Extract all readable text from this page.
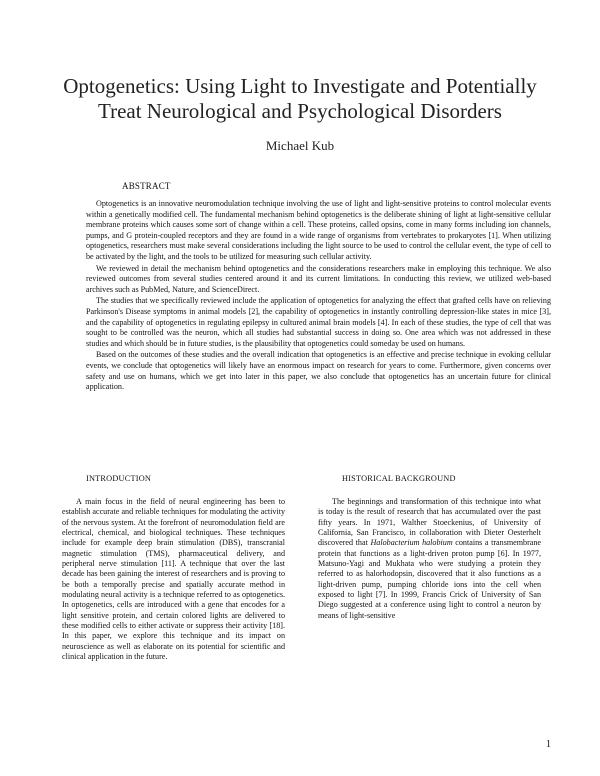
Optogenetics: Using Light to Investigate and Potentially Treat Neurological and Psychological Disorders
Michael Kub
ABSTRACT

Optogenetics is an innovative neuromodulation technique involving the use of light and light-sensitive proteins to control molecular events within a genetically modified cell. The fundamental mechanism behind optogenetics is the deliberate shining of light at light-sensitive cellular membrane proteins which causes some sort of change within a cell. These proteins, called opsins, come in many forms including ion channels, pumps, and G protein-coupled receptors and they are found in a wide range of organisms from vertebrates to prokaryotes [1]. When utilizing optogenetics, researchers must make several considerations including the light source to be used to control the cellular event, the type of cell to be activated by the light, and the tools to be utilized for measuring such cellular activity.

We reviewed in detail the mechanism behind optogenetics and the considerations researchers make in employing this technique. We also reviewed outcomes from several studies centered around it and its current limitations. In conducting this review, we utilized web-based archives such as PubMed, Nature, and ScienceDirect.

The studies that we specifically reviewed include the application of optogenetics for analyzing the effect that grafted cells have on relieving Parkinson's Disease symptoms in animal models [2], the capability of optogenetics in instantly controlling depression-like states in mice [3], and the capability of optogenetics in regulating epilepsy in cultured animal brain models [4]. In each of these studies, the type of cell that was sought to be controlled was the neuron, which all studies had substantial success in doing so. One area which was not addressed in these studies and which should be in future studies, is the plausibility that optogenetics could someday be used on humans.

Based on the outcomes of these studies and the overall indication that optogenetics is an effective and precise technique in evoking cellular events, we conclude that optogenetics will likely have an enormous impact on research for years to come. Furthermore, given concerns over safety and use on humans, which we get into later in this paper, we also conclude that optogenetics has an uncertain future for clinical application.

INTRODUCTION

A main focus in the field of neural engineering has been to establish accurate and reliable techniques for modulating the activity of the nervous system. At the forefront of neuromodulation field are electrical, chemical, and biological techniques. These techniques include for example deep brain stimulation (DBS), transcranial magnetic stimulation (TMS), pharmaceutical delivery, and peripheral nerve stimulation [11]. A technique that over the last decade has been gaining the interest of researchers and is proving to be both a temporally precise and spatially accurate method in modulating neural activity is a technique referred to as optogenetics. In optogenetics, cells are introduced with a gene that encodes for a light sensitive protein, and certain colored lights are delivered to these modified cells to either activate or suppress their activity [18]. In this paper, we explore this technique and its impact on neuroscience as well as elaborate on its potential for scientific and clinical application in the future.

HISTORICAL BACKGROUND

The beginnings and transformation of this technique into what is today is the result of research that has accumulated over the past fifty years. In 1971, Walther Stoeckenius, of University of California, San Francisco, in collaboration with Dieter Oesterhelt discovered that Halobacterium halobium contains a transmembrane protein that functions as a light-driven proton pump [6]. In 1977, Matsuno-Yagi and Mukhata who were studying a protein they referred to as halorhodopsin, discovered that it also functions as a light-driven pump, pumping chloride ions into the cell when exposed to light [7]. In 1999, Francis Crick of University of San Diego suggested at a conference using light to control a neuron by means of light-sensitive

1
